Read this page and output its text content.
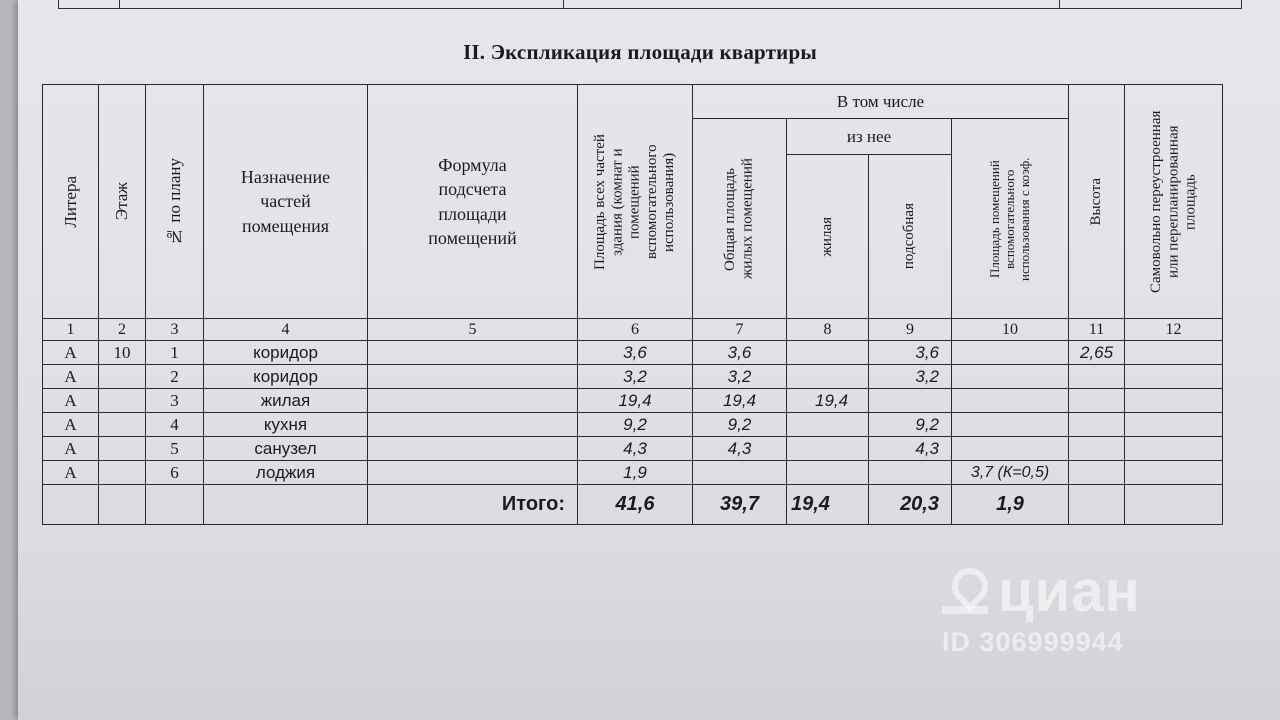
II. Экспликация площади квартиры
Литера	Этаж	№ по плану	Назначение частей помещения	Формула подсчета площади помещений	Площадь всех частей здания (комнат и помещений вспомогательного использования)	В том числе				Высота	Самовольно переустроенная или перепланированная площадь

						Общая площадь жилых помещений	из нее		Площадь помещений вспомогательного использования с коэф.		

							жилая	подсобная			

1	2	3	4	5	6	7	8	9	10	11	12
А	10	1	коридор		3,6	3,6		3,6		2,65	
А		2	коридор		3,2	3,2		3,2			
А		3	жилая		19,4	19,4	19,4				
А		4	кухня		9,2	9,2		9,2			
А		5	санузел		4,3	4,3		4,3			
А		6	лоджия		1,9				3,7 (К=0,5)		
				Итого:	41,6	39,7	19,4	20,3	1,9		
циан
ID 306999944
